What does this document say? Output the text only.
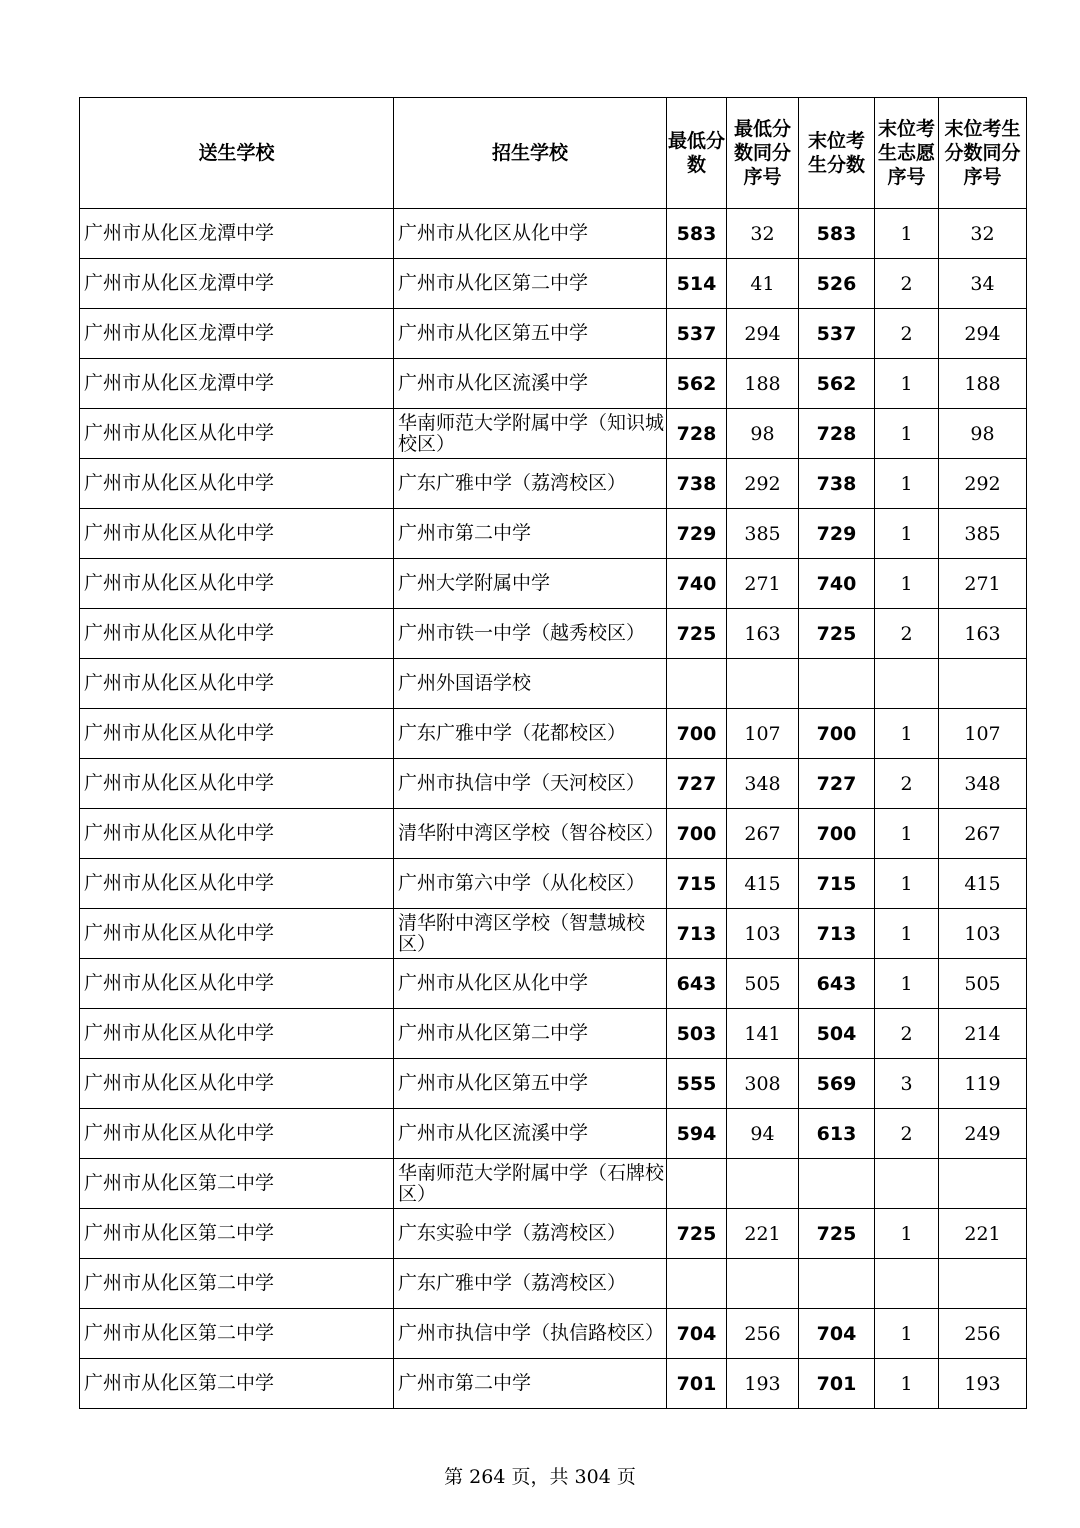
送生学校	招生学校	最低分数	最低分数同分序号	末位考生分数	末位考生志愿序号	末位考生分数同分序号
广州市从化区龙潭中学	广州市从化区从化中学	583	32	583	1	32
广州市从化区龙潭中学	广州市从化区第二中学	514	41	526	2	34
广州市从化区龙潭中学	广州市从化区第五中学	537	294	537	2	294
广州市从化区龙潭中学	广州市从化区流溪中学	562	188	562	1	188
广州市从化区从化中学	华南师范大学附属中学（知识城校区）	728	98	728	1	98
广州市从化区从化中学	广东广雅中学（荔湾校区）	738	292	738	1	292
广州市从化区从化中学	广州市第二中学	729	385	729	1	385
广州市从化区从化中学	广州大学附属中学	740	271	740	1	271
广州市从化区从化中学	广州市铁一中学（越秀校区）	725	163	725	2	163
广州市从化区从化中学	广州外国语学校					
广州市从化区从化中学	广东广雅中学（花都校区）	700	107	700	1	107
广州市从化区从化中学	广州市执信中学（天河校区）	727	348	727	2	348
广州市从化区从化中学	清华附中湾区学校（智谷校区）	700	267	700	1	267
广州市从化区从化中学	广州市第六中学（从化校区）	715	415	715	1	415
广州市从化区从化中学	清华附中湾区学校（智慧城校区）	713	103	713	1	103
广州市从化区从化中学	广州市从化区从化中学	643	505	643	1	505
广州市从化区从化中学	广州市从化区第二中学	503	141	504	2	214
广州市从化区从化中学	广州市从化区第五中学	555	308	569	3	119
广州市从化区从化中学	广州市从化区流溪中学	594	94	613	2	249
广州市从化区第二中学	华南师范大学附属中学（石牌校区）					
广州市从化区第二中学	广东实验中学（荔湾校区）	725	221	725	1	221
广州市从化区第二中学	广东广雅中学（荔湾校区）					
广州市从化区第二中学	广州市执信中学（执信路校区）	704	256	704	1	256
广州市从化区第二中学	广州市第二中学	701	193	701	1	193
第 264 页，共 304 页
